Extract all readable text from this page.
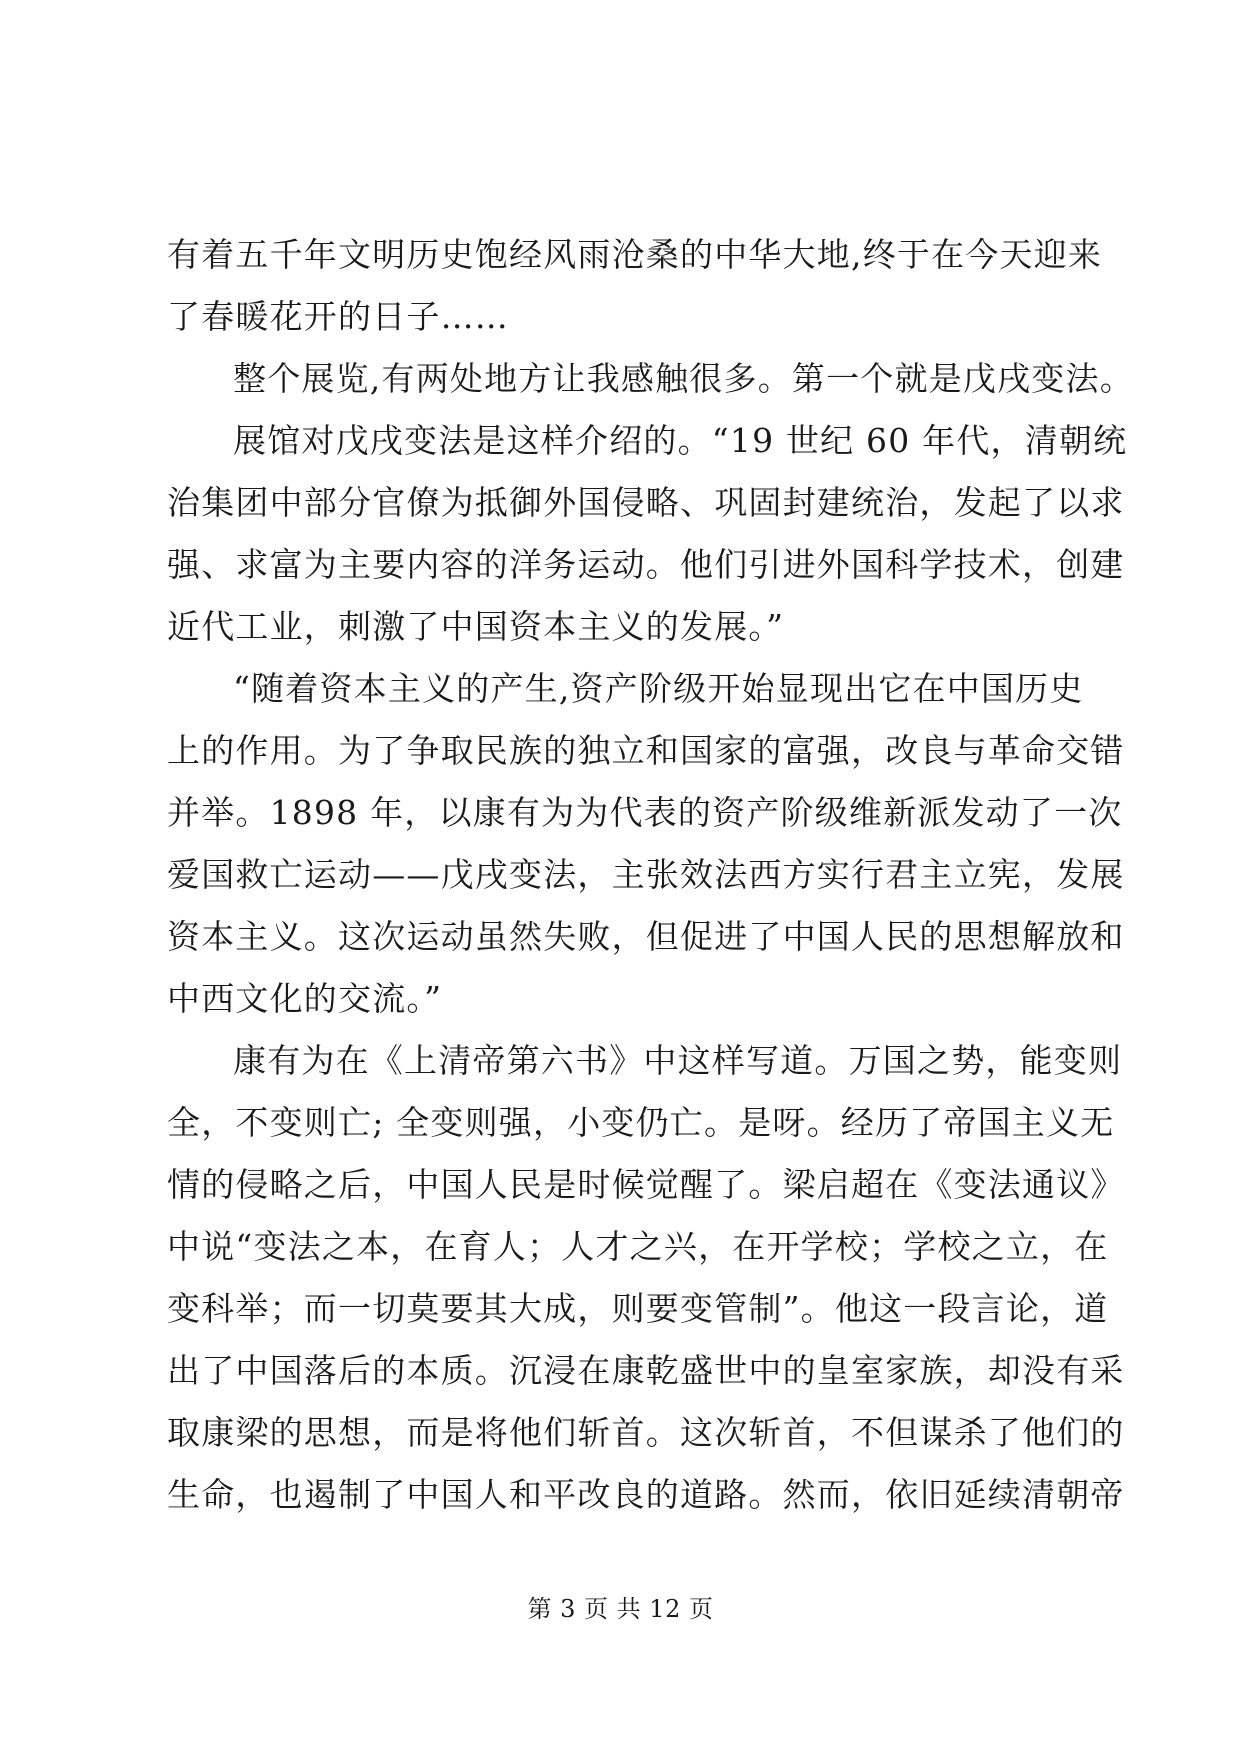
有着五千年文明历史饱经风雨沧桑的中华大地,终于在今天迎来
了春暖花开的日子……
整个展览,有两处地方让我感触很多。第一个就是戊戌变法。
展馆对戊戌变法是这样介绍的。“19 世纪 60 年代，清朝统
治集团中部分官僚为抵御外国侵略、巩固封建统治，发起了以求
强、求富为主要内容的洋务运动。他们引进外国科学技术，创建
近代工业，刺激了中国资本主义的发展。”
“随着资本主义的产生,资产阶级开始显现出它在中国历史
上的作用。为了争取民族的独立和国家的富强，改良与革命交错
并举。1898 年，以康有为为代表的资产阶级维新派发动了一次
爱国救亡运动——戊戌变法，主张效法西方实行君主立宪，发展
资本主义。这次运动虽然失败，但促进了中国人民的思想解放和
中西文化的交流。”
康有为在《上清帝第六书》中这样写道。万国之势，能变则
全，不变则亡; 全变则强，小变仍亡。是呀。经历了帝国主义无
情的侵略之后，中国人民是时候觉醒了。梁启超在《变法通议》
中说“变法之本，在育人；人才之兴，在开学校；学校之立，在
变科举；而一切莫要其大成，则要变管制”。他这一段言论，道
出了中国落后的本质。沉浸在康乾盛世中的皇室家族，却没有采
取康梁的思想，而是将他们斩首。这次斩首，不但谋杀了他们的
生命，也遏制了中国人和平改良的道路。然而，依旧延续清朝帝
第 3 页 共 12 页
